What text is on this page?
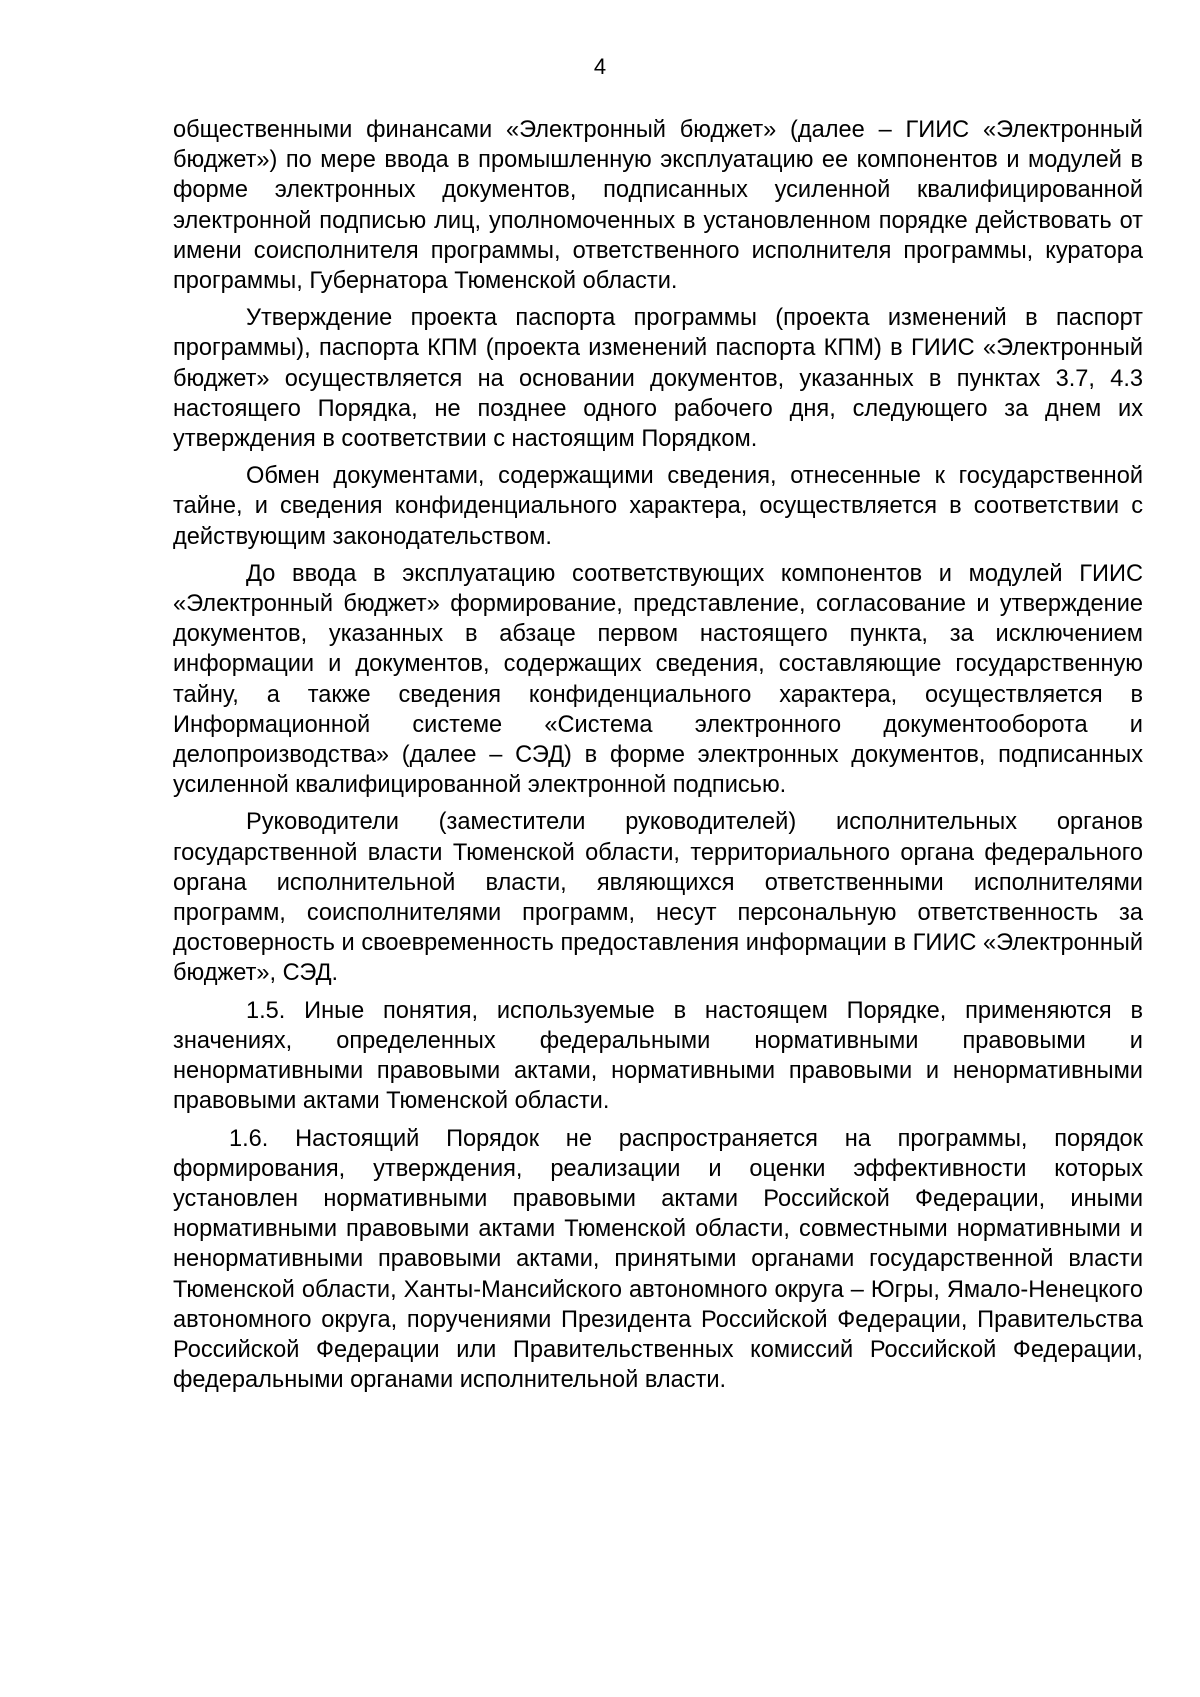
4

общественными финансами «Электронный бюджет» (далее – ГИИС «Электронный бюджет») по мере ввода в промышленную эксплуатацию ее компонентов и модулей в форме электронных документов, подписанных усиленной квалифицированной электронной подписью лиц, уполномоченных в установленном порядке действовать от имени соисполнителя программы, ответственного исполнителя программы, куратора программы, Губернатора Тюменской области.

Утверждение проекта паспорта программы (проекта изменений в паспорт программы), паспорта КПМ (проекта изменений паспорта КПМ) в ГИИС «Электронный бюджет» осуществляется на основании документов, указанных в пунктах 3.7, 4.3 настоящего Порядка, не позднее одного рабочего дня, следующего за днем их утверждения в соответствии с настоящим Порядком.

Обмен документами, содержащими сведения, отнесенные к государственной тайне, и сведения конфиденциального характера, осуществляется в соответствии с действующим законодательством.

До ввода в эксплуатацию соответствующих компонентов и модулей ГИИС «Электронный бюджет» формирование, представление, согласование и утверждение документов, указанных в абзаце первом настоящего пункта, за исключением информации и документов, содержащих сведения, составляющие государственную тайну, а также сведения конфиденциального характера, осуществляется в Информационной системе «Система электронного документооборота и делопроизводства» (далее – СЭД) в форме электронных документов, подписанных усиленной квалифицированной электронной подписью.

Руководители (заместители руководителей) исполнительных органов государственной власти Тюменской области, территориального органа федерального органа исполнительной власти, являющихся ответственными исполнителями программ, соисполнителями программ, несут персональную ответственность за достоверность и своевременность предоставления информации в ГИИС «Электронный бюджет», СЭД.

1.5. Иные понятия, используемые в настоящем Порядке, применяются в значениях, определенных федеральными нормативными правовыми и ненормативными правовыми актами, нормативными правовыми и ненормативными правовыми актами Тюменской области.

1.6. Настоящий Порядок не распространяется на программы, порядок формирования, утверждения, реализации и оценки эффективности которых установлен нормативными правовыми актами Российской Федерации, иными нормативными правовыми актами Тюменской области, совместными нормативными и ненормативными правовыми актами, принятыми органами государственной власти Тюменской области, Ханты-Мансийского автономного округа – Югры, Ямало-Ненецкого автономного округа, поручениями Президента Российской Федерации, Правительства Российской Федерации или Правительственных комиссий Российской Федерации, федеральными органами исполнительной власти.
